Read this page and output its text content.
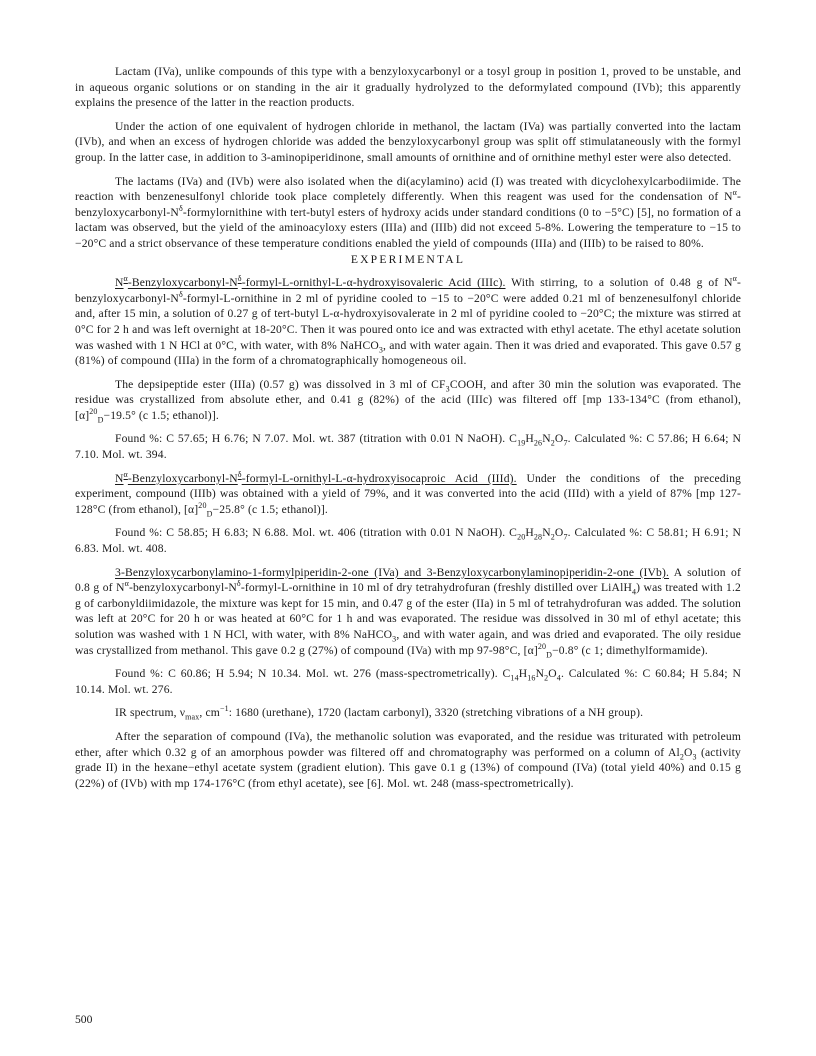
Lactam (IVa), unlike compounds of this type with a benzyloxycarbonyl or a tosyl group in position 1, proved to be unstable, and in aqueous organic solutions or on standing in the air it gradually hydrolyzed to the deformylated compound (IVb); this apparently explains the presence of the latter in the reaction products.

Under the action of one equivalent of hydrogen chloride in methanol, the lactam (IVa) was partially converted into the lactam (IVb), and when an excess of hydrogen chloride was added the benzyloxycarbonyl group was split off stimulataneously with the formyl group. In the latter case, in addition to 3-aminopiperidinone, small amounts of ornithine and of ornithine methyl ester were also detected.

The lactams (IVa) and (IVb) were also isolated when the di(acylamino) acid (I) was treated with dicyclohexylcarbodiimide. The reaction with benzenesulfonyl chloride took place completely differently. When this reagent was used for the condensation of $N^\alpha-benzyloxycarbonyl-N^\delta$-formylornithine with tert-butyl esters of hydroxy acids under standard conditions (0 to −5°C) [5], no formation of a lactam was observed, but the yield of the aminoacyloxy esters (IIIa) and (IIIb) did not exceed 5-8%. Lowering the temperature to −15 to −20°C and a strict observance of these temperature conditions enabled the yield of compounds (IIIa) and (IIIb) to be raised to 80%.

EXPERIMENTAL

$N^\alpha-Benzyloxycarbonyl-N^\delta-formyl-L-ornithyl-L-\alpha$-hydroxyisovaleric Acid (IIIc). With stirring, to a solution of 0.48 g of $N^\alpha-benzyloxycarbonyl-N^\delta-formyl-L$-ornithine in 2 ml of pyridine cooled to −15 to −20°C were added 0.21 ml of benzenesulfonyl chloride and, after 15 min, a solution of 0.27 g of tert-butyl L-α-hydroxyisovalerate in 2 ml of pyridine cooled to −20°C; the mixture was stirred at 0°C for 2 h and was left overnight at 18-20°C. Then it was poured onto ice and was extracted with ethyl acetate. The ethyl acetate solution was washed with 1 N HCl at 0°C, with water, with 8% NaHCO$_3$, and with water again. Then it was dried and evaporated. This gave 0.57 g (81%) of compound (IIIa) in the form of a chromatographically homogeneous oil.

The depsipeptide ester (IIIa) (0.57 g) was dissolved in 3 ml of $CF_3COOH$, and after 30 min the solution was evaporated. The residue was crystallized from absolute ether, and 0.41 g (82%) of the acid (IIIc) was filtered off [mp 133-134°C (from ethanol), $[\alpha]^{20}_D-19.5^\circ$ (c 1.5; ethanol)].

Found %: C 57.65; H 6.76; N 7.07. Mol. wt. 387 (titration with 0.01 N NaOH). $C_{19}H_{26}N_2O_7$. Calculated %: C 57.86; H 6.64; N 7.10. Mol. wt. 394.

$N^\alpha-Benzyloxycarbonyl-N^\delta-formyl-L-ornithyl-L-\alpha$-hydroxyisocaproic Acid (IIId). Under the conditions of the preceding experiment, compound (IIIb) was obtained with a yield of 79%, and it was converted into the acid (IIId) with a yield of 87% [mp 127-128°C (from ethanol), $[\alpha]^{20}_D-25.8^\circ$ (c 1.5; ethanol)].

Found %: C 58.85; H 6.83; N 6.88. Mol. wt. 406 (titration with 0.01 N NaOH). $C_{20}H_{28}N_2O_7$. Calculated %: C 58.81; H 6.91; N 6.83. Mol. wt. 408.

3-Benzyloxycarbonylamino-1-formylpiperidin-2-one (IVa) and 3-Benzyloxycarbonylaminopiperidin-2-one (IVb). A solution of 0.8 g of $N^\alpha-benzyloxycarbonyl-N^\delta-formyl-L$-ornithine in 10 ml of dry tetrahydrofuran (freshly distilled over LiAlH$_4$) was treated with 1.2 g of carbonyldiimidazole, the mixture was kept for 15 min, and 0.47 g of the ester (IIa) in 5 ml of tetrahydrofuran was added. The solution was left at 20°C for 20 h or was heated at 60°C for 1 h and was evaporated. The residue was dissolved in 30 ml of ethyl acetate; this solution was washed with 1 N HCl, with water, with 8% NaHCO$_3$, and with water again, and was dried and evaporated. The oily residue was crystallized from methanol. This gave 0.2 g (27%) of compound (IVa) with mp 97-98°C, $[\alpha]^{20}_D-0.8^\circ$ (c 1; dimethylformamide).

Found %: C 60.86; H 5.94; N 10.34. Mol. wt. 276 (mass-spectrometrically). $C_{14}H_{16}N_2O_4$. Calculated %: C 60.84; H 5.84; N 10.14. Mol. wt. 276.

IR spectrum, $\nu_{max}$, $cm^{-1}$: 1680 (urethane), 1720 (lactam carbonyl), 3320 (stretching vibrations of a NH group).

After the separation of compound (IVa), the methanolic solution was evaporated, and the residue was triturated with petroleum ether, after which 0.32 g of an amorphous powder was filtered off and chromatography was performed on a column of $Al_2O_3$ (activity grade II) in the hexane−ethyl acetate system (gradient elution). This gave 0.1 g (13%) of compound (IVa) (total yield 40%) and 0.15 g (22%) of (IVb) with mp 174-176°C (from ethyl acetate), see [6]. Mol. wt. 248 (mass-spectrometrically).

500
